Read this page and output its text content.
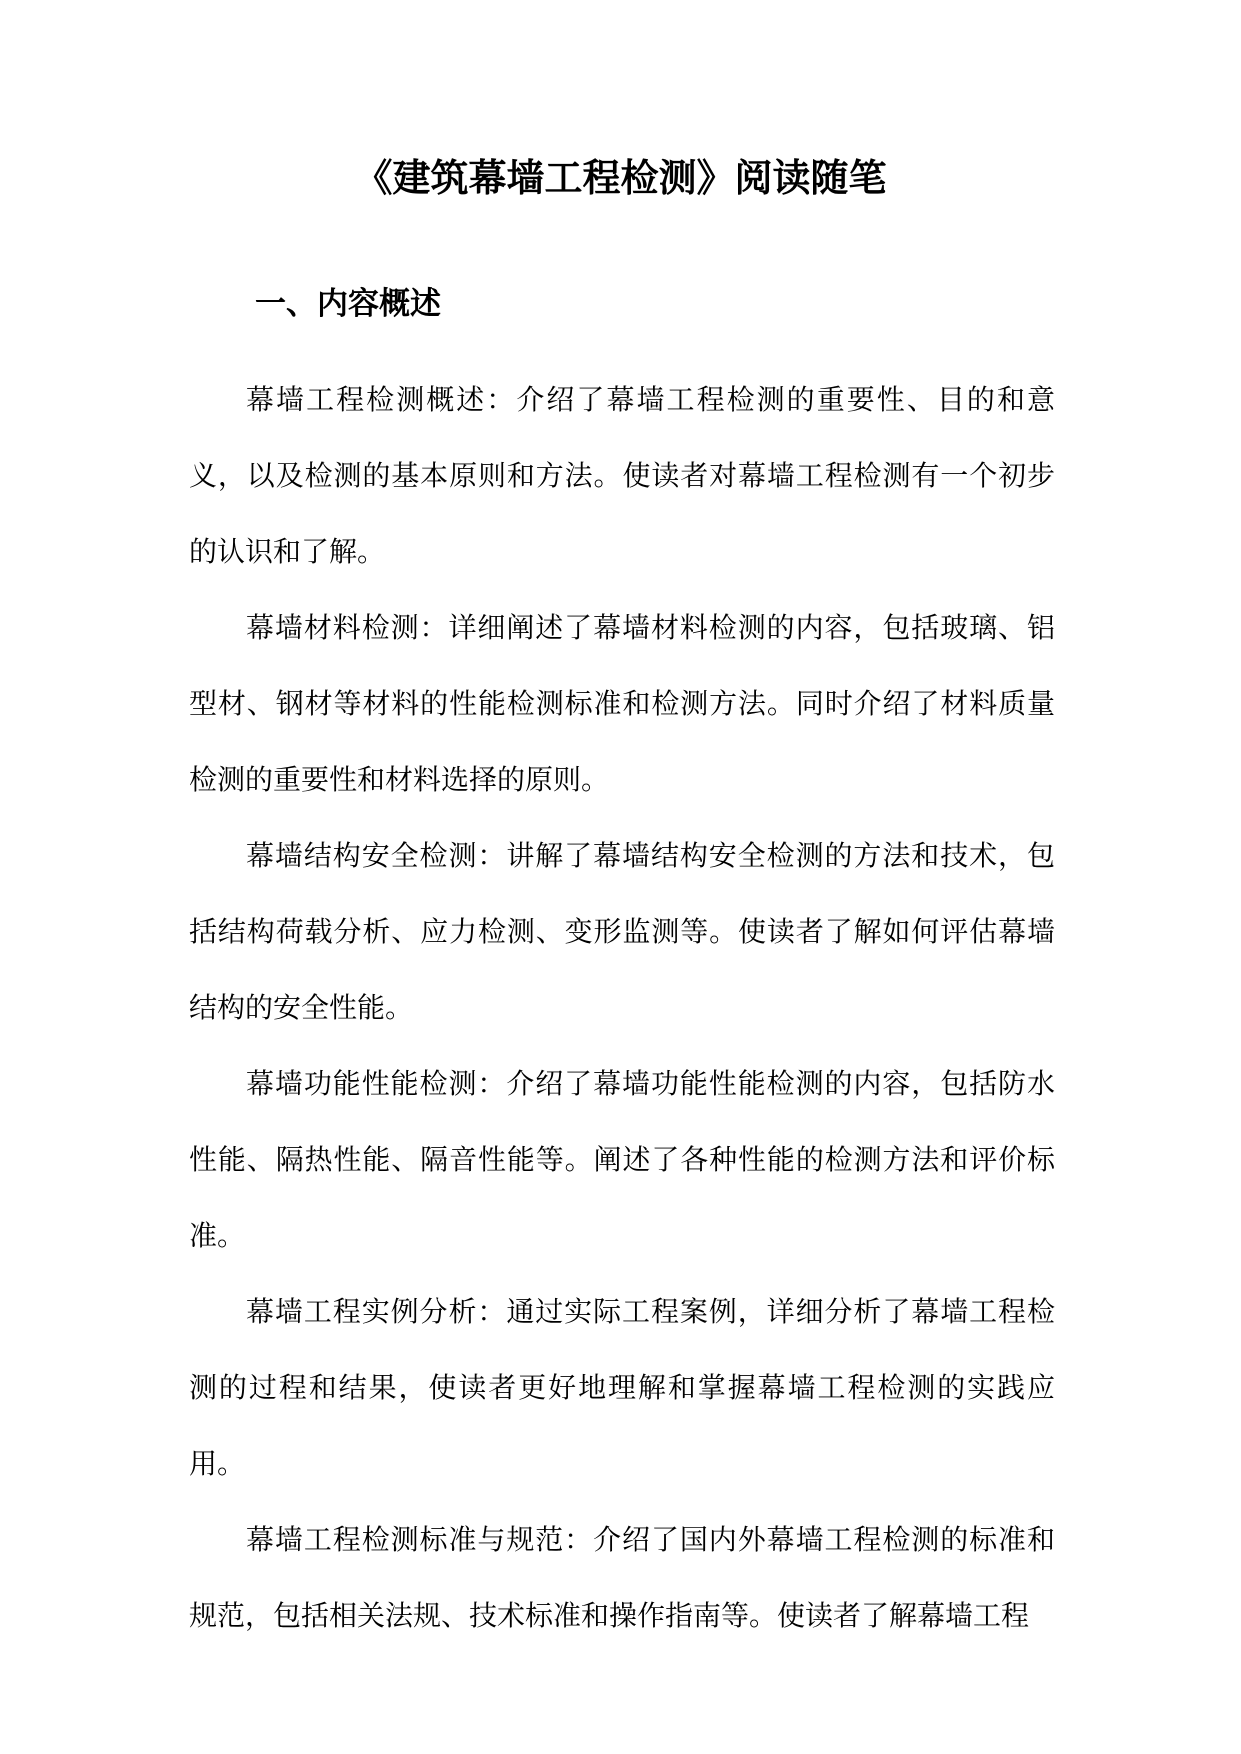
《建筑幕墙工程检测》阅读随笔
一、内容概述

幕墙工程检测概述：介绍了幕墙工程检测的重要性、目的和意义，以及检测的基本原则和方法。使读者对幕墙工程检测有一个初步的认识和了解。

幕墙材料检测：详细阐述了幕墙材料检测的内容，包括玻璃、铝型材、钢材等材料的性能检测标准和检测方法。同时介绍了材料质量检测的重要性和材料选择的原则。

幕墙结构安全检测：讲解了幕墙结构安全检测的方法和技术，包括结构荷载分析、应力检测、变形监测等。使读者了解如何评估幕墙结构的安全性能。

幕墙功能性能检测：介绍了幕墙功能性能检测的内容，包括防水性能、隔热性能、隔音性能等。阐述了各种性能的检测方法和评价标准。

幕墙工程实例分析：通过实际工程案例，详细分析了幕墙工程检测的过程和结果，使读者更好地理解和掌握幕墙工程检测的实践应用。

幕墙工程检测标准与规范：介绍了国内外幕墙工程检测的标准和规范，包括相关法规、技术标准和操作指南等。使读者了解幕墙工程
